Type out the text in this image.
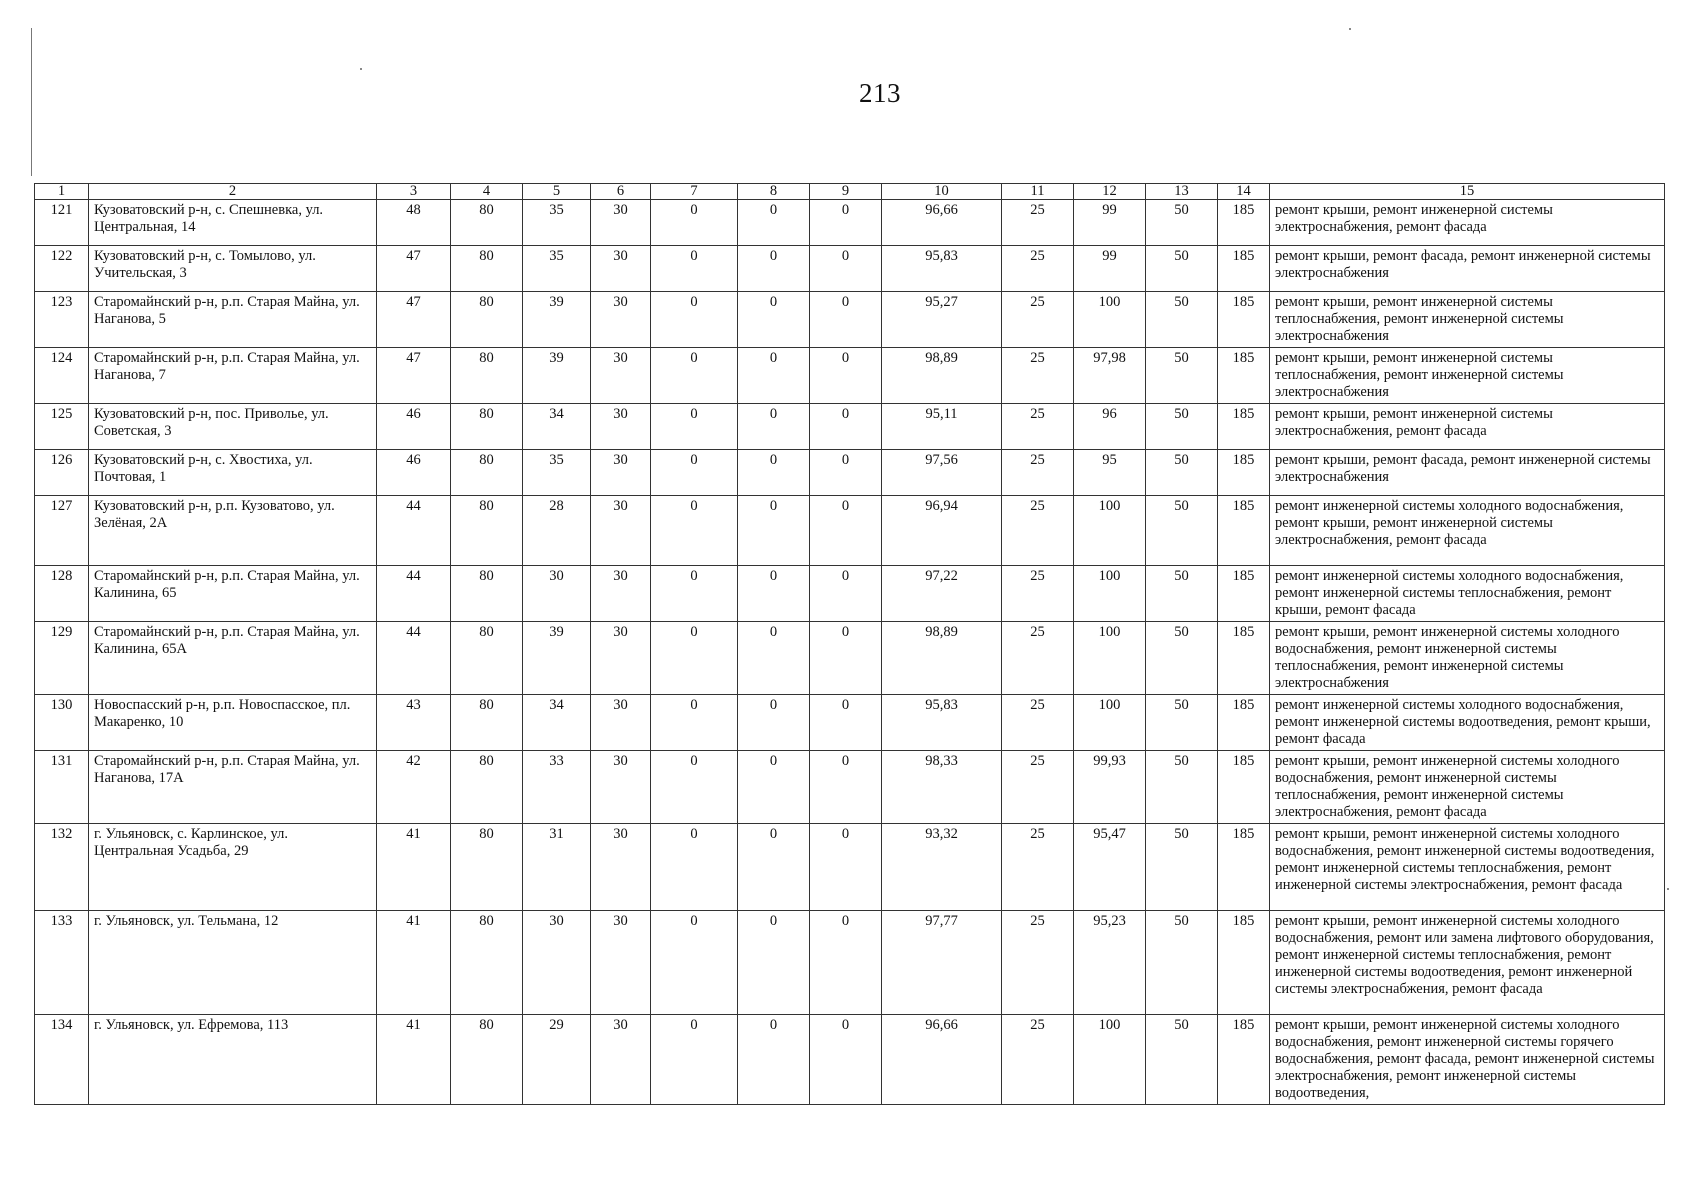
213
1	2	3	4	5	6	7	8	9	10	11	12	13	14	15
121	Кузоватовский р-н, с. Спешневка, ул. Центральная, 14	48	80	35	30	0	0	0	96,66	25	99	50	185	ремонт крыши, ремонт инженерной системы электроснабжения, ремонт фасада
122	Кузоватовский р-н, с. Томылово, ул. Учительская, 3	47	80	35	30	0	0	0	95,83	25	99	50	185	ремонт крыши, ремонт фасада, ремонт инженерной системы электроснабжения
123	Старомайнский р-н, р.п. Старая Майна, ул. Наганова, 5	47	80	39	30	0	0	0	95,27	25	100	50	185	ремонт крыши, ремонт инженерной системы теплоснабжения, ремонт инженерной системы электроснабжения
124	Старомайнский р-н, р.п. Старая Майна, ул. Наганова, 7	47	80	39	30	0	0	0	98,89	25	97,98	50	185	ремонт крыши, ремонт инженерной системы теплоснабжения, ремонт инженерной системы электроснабжения
125	Кузоватовский р-н, пос. Приволье, ул. Советская, 3	46	80	34	30	0	0	0	95,11	25	96	50	185	ремонт крыши, ремонт инженерной системы электроснабжения, ремонт фасада
126	Кузоватовский р-н, с. Хвостиха, ул. Почтовая, 1	46	80	35	30	0	0	0	97,56	25	95	50	185	ремонт крыши, ремонт фасада, ремонт инженерной системы электроснабжения
127	Кузоватовский р-н, р.п. Кузоватово, ул. Зелёная, 2А	44	80	28	30	0	0	0	96,94	25	100	50	185	ремонт инженерной системы холодного водоснабжения, ремонт крыши, ремонт инженерной системы электроснабжения, ремонт фасада
128	Старомайнский р-н, р.п. Старая Майна, ул. Калинина, 65	44	80	30	30	0	0	0	97,22	25	100	50	185	ремонт инженерной системы холодного водоснабжения, ремонт инженерной системы теплоснабжения, ремонт крыши, ремонт фасада
129	Старомайнский р-н, р.п. Старая Майна, ул. Калинина, 65А	44	80	39	30	0	0	0	98,89	25	100	50	185	ремонт крыши, ремонт инженерной системы холодного водоснабжения, ремонт инженерной системы теплоснабжения, ремонт инженерной системы электроснабжения
130	Новоспасский р-н, р.п. Новоспасское, пл. Макаренко, 10	43	80	34	30	0	0	0	95,83	25	100	50	185	ремонт инженерной системы холодного водоснабжения, ремонт инженерной системы водоотведения, ремонт крыши, ремонт фасада
131	Старомайнский р-н, р.п. Старая Майна, ул. Наганова, 17А	42	80	33	30	0	0	0	98,33	25	99,93	50	185	ремонт крыши, ремонт инженерной системы холодного водоснабжения, ремонт инженерной системы теплоснабжения, ремонт инженерной системы электроснабжения, ремонт фасада
132	г. Ульяновск, с. Карлинское, ул. Центральная Усадьба, 29	41	80	31	30	0	0	0	93,32	25	95,47	50	185	ремонт крыши, ремонт инженерной системы холодного водоснабжения, ремонт инженерной системы водоотведения, ремонт инженерной системы теплоснабжения, ремонт инженерной системы электроснабжения, ремонт фасада
133	г. Ульяновск, ул. Тельмана, 12	41	80	30	30	0	0	0	97,77	25	95,23	50	185	ремонт крыши, ремонт инженерной системы холодного водоснабжения, ремонт или замена лифтового оборудования, ремонт инженерной системы теплоснабжения, ремонт инженерной системы водоотведения, ремонт инженерной системы электроснабжения, ремонт фасада
134	г. Ульяновск, ул. Ефремова, 113	41	80	29	30	0	0	0	96,66	25	100	50	185	ремонт крыши, ремонт инженерной системы холодного водоснабжения, ремонт инженерной системы горячего водоснабжения, ремонт фасада, ремонт инженерной системы электроснабжения, ремонт инженерной системы водоотведения,
